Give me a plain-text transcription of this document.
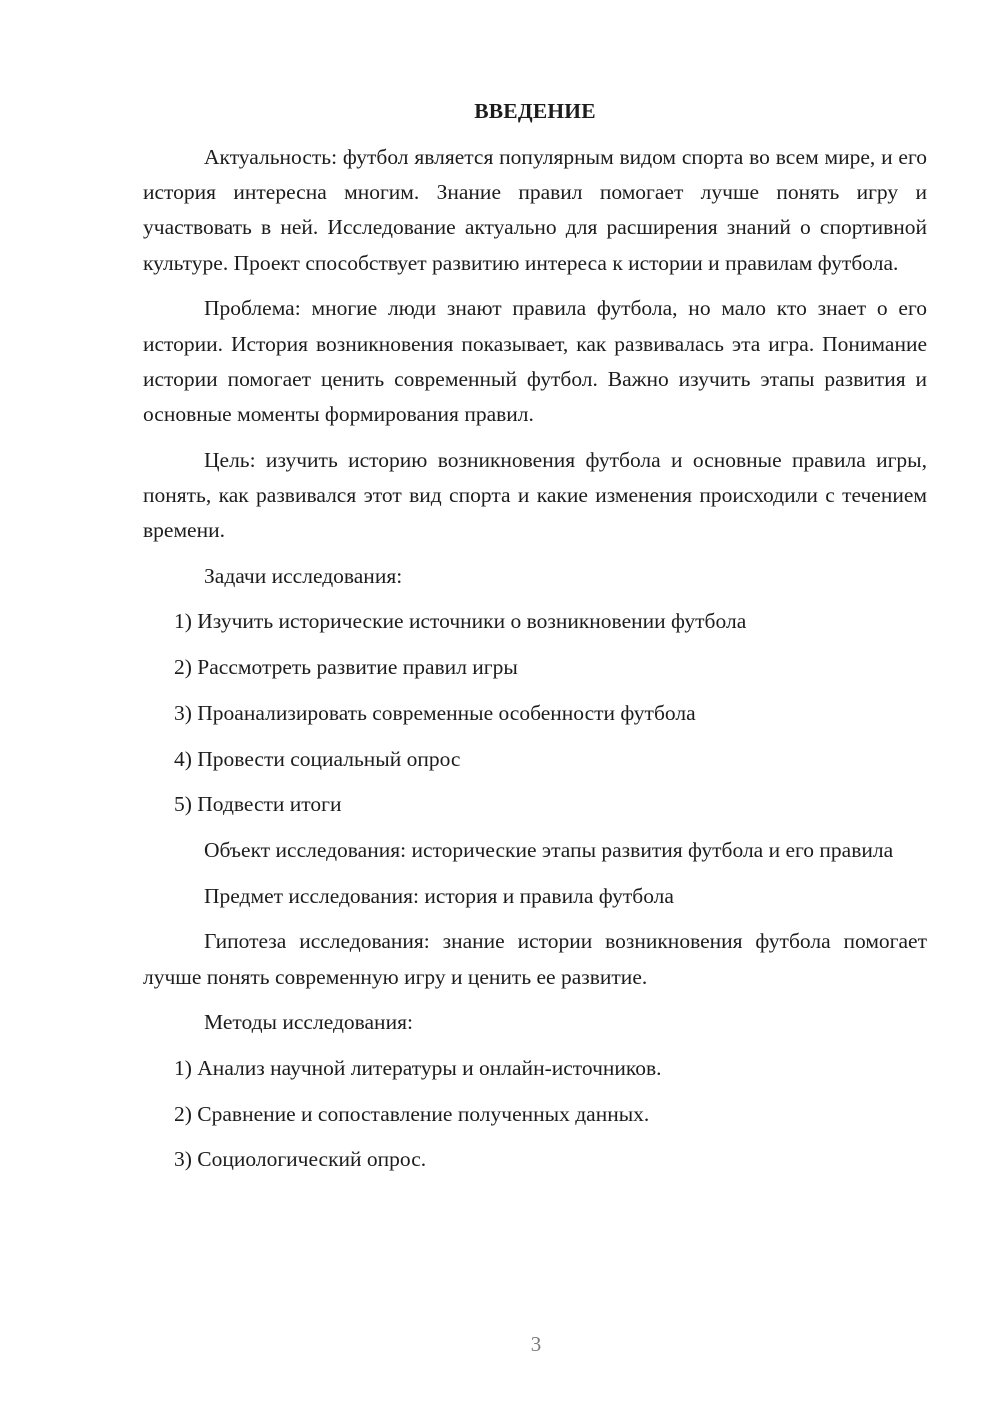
ВВЕДЕНИЕ

Актуальность: футбол является популярным видом спорта во всем мире, и его история интересна многим. Знание правил помогает лучше понять игру и участвовать в ней. Исследование актуально для расширения знаний о спортивной культуре. Проект способствует развитию интереса к истории и правилам футбола.

Проблема: многие люди знают правила футбола, но мало кто знает о его истории. История возникновения показывает, как развивалась эта игра. Понимание истории помогает ценить современный футбол. Важно изучить этапы развития и основные моменты формирования правил.

Цель: изучить историю возникновения футбола и основные правила игры, понять, как развивался этот вид спорта и какие изменения происходили с течением времени.

Задачи исследования:

1) Изучить исторические источники о возникновении футбола
2) Рассмотреть развитие правил игры
3) Проанализировать современные особенности футбола
4) Провести социальный опрос
5) Подвести итоги

Объект исследования: исторические этапы развития футбола и его правила

Предмет исследования: история и правила футбола

Гипотеза исследования: знание истории возникновения футбола помогает лучше понять современную игру и ценить ее развитие.

Методы исследования:

1) Анализ научной литературы и онлайн-источников.
2) Сравнение и сопоставление полученных данных.
3) Социологический опрос.
3
